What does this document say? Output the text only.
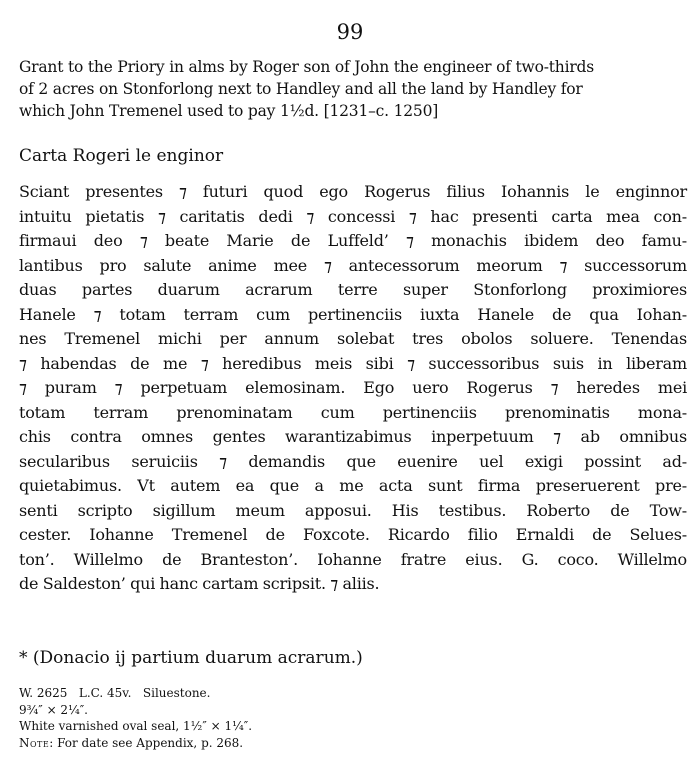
99
Grant to the Priory in alms by Roger son of John the engineer of two-thirds
of 2 acres on Stonforlong next to Handley and all the land by Handley for
which John Tremenel used to pay 1½d. [1231–c. 1250]
Carta Rogeri le enginor
Sciant presentes ⁊ futuri quod ego Rogerus filius Iohannis le enginnor
intuitu pietatis ⁊ caritatis dedi ⁊ concessi ⁊ hac presenti carta mea con-
firmaui deo ⁊ beate Marie de Luffeld’ ⁊ monachis ibidem deo famu-
lantibus pro salute anime mee ⁊ antecessorum meorum ⁊ successorum
duas partes duarum acrarum terre super Stonforlong proximiores
Hanele ⁊ totam terram cum pertinenciis iuxta Hanele de qua Iohan-
nes Tremenel michi per annum solebat tres obolos soluere. Tenendas
⁊ habendas de me ⁊ heredibus meis sibi ⁊ successoribus suis in liberam
⁊ puram ⁊ perpetuam elemosinam. Ego uero Rogerus ⁊ heredes mei
totam terram prenominatam cum pertinenciis prenominatis mona-
chis contra omnes gentes warantizabimus inperpetuum ⁊ ab omnibus
secularibus seruiciis ⁊ demandis que euenire uel exigi possint ad-
quietabimus. Vt autem ea que a me acta sunt firma preseruerent pre-
senti scripto sigillum meum apposui. His testibus. Roberto de Tow-
cester. Iohanne Tremenel de Foxcote. Ricardo filio Ernaldi de Selues-
ton’. Willelmo de Branteston’. Iohanne fratre eius. G. coco. Willelmo
de Saldeston’ qui hanc cartam scripsit. ⁊ aliis.
* (Donacio ij partium duarum acrarum.)
W. 2625   L.C. 45v.   Siluestone.
9¾″ × 2¼″.
White varnished oval seal, 1½″ × 1¼″.
Note: For date see Appendix, p. 268.
